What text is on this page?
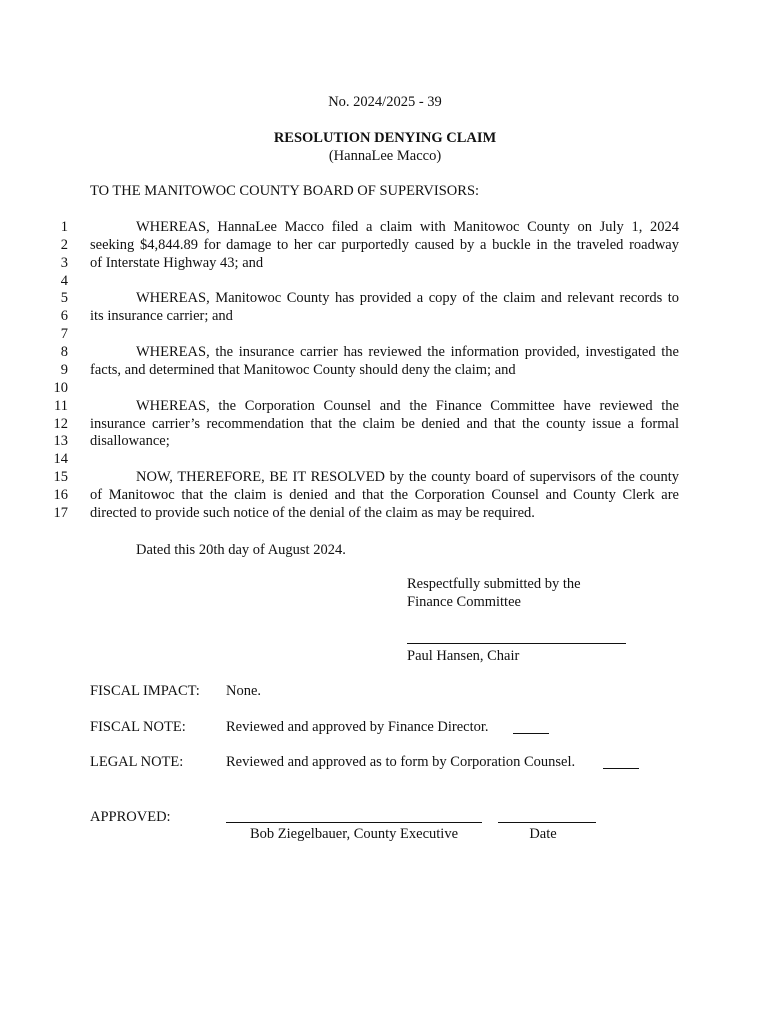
No. 2024/2025 - 39
RESOLUTION DENYING CLAIM
(HannaLee Macco)
TO THE MANITOWOC COUNTY BOARD OF SUPERVISORS:
1
2
3
4
5
6
7
8
9
10
11
12
13
14
15
16
17
WHEREAS, HannaLee Macco filed a claim with Manitowoc County on July 1, 2024
seeking $4,844.89 for damage to her car purportedly caused by a buckle in the traveled roadway
of Interstate Highway 43; and
WHEREAS, Manitowoc County has provided a copy of the claim and relevant records to
its insurance carrier; and
WHEREAS, the insurance carrier has reviewed the information provided, investigated the
facts, and determined that Manitowoc County should deny the claim; and
WHEREAS, the Corporation Counsel and the Finance Committee have reviewed the
insurance carrier’s recommendation that the claim be denied and that the county issue a formal
disallowance;
NOW, THEREFORE, BE IT RESOLVED by the county board of supervisors of the county
of Manitowoc that the claim is denied and that the Corporation Counsel and County Clerk are
directed to provide such notice of the denial of the claim as may be required.
Dated this 20th day of August 2024.
Respectfully submitted by the
Finance Committee
Paul Hansen, Chair
FISCAL IMPACT: None.
FISCAL NOTE:	Reviewed and approved by Finance Director.
LEGAL NOTE:	Reviewed and approved as to form by Corporation Counsel.
APPROVED:
Bob Ziegelbauer, County Executive	Date
